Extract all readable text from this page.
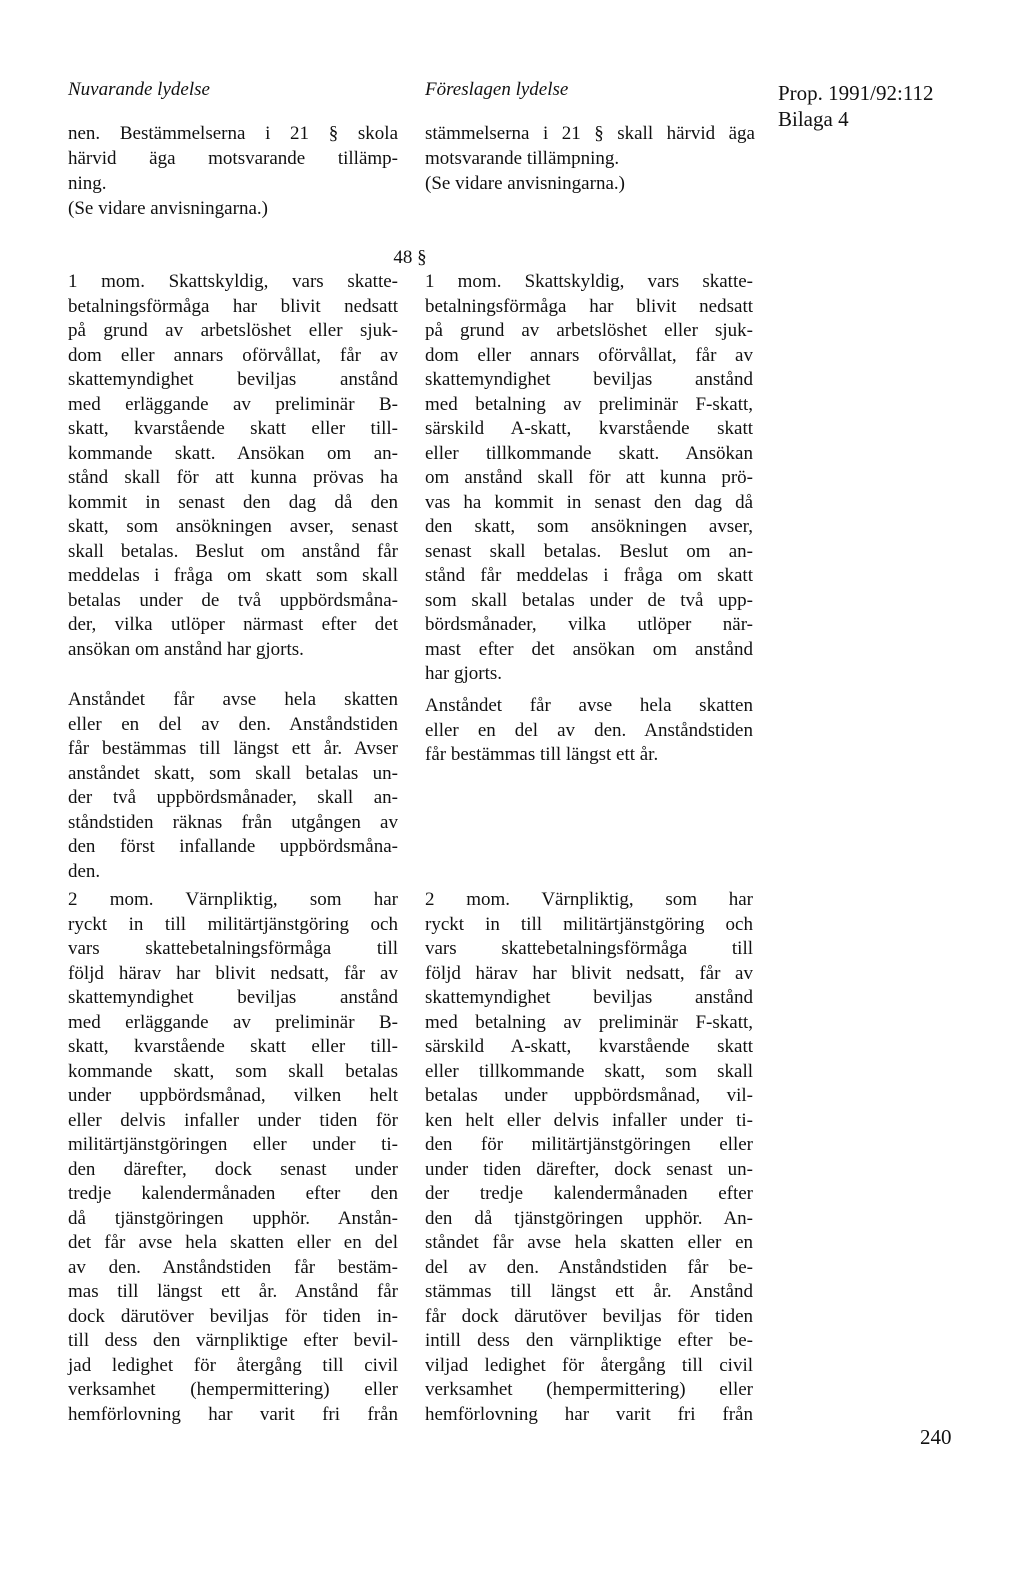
Nuvarande lydelse	Föreslagen lydelse	Prop. 1991/92:112
Bilaga 4
nen. Bestämmelserna i 21 § skola
härvid äga motsvarande tillämp-
ning.
(Se vidare anvisningarna.)
stämmelserna i 21 § skall härvid äga
motsvarande tillämpning.
(Se vidare anvisningarna.)
48 §
1 mom. Skattskyldig, vars skatte-
betalningsförmåga har blivit nedsatt
på grund av arbetslöshet eller sjuk-
dom eller annars oförvållat, får av
skattemyndighet beviljas anstånd
med erläggande av preliminär B-
skatt, kvarstående skatt eller till-
kommande skatt. Ansökan om an-
stånd skall för att kunna prövas ha
kommit in senast den dag då den
skatt, som ansökningen avser, senast
skall betalas. Beslut om anstånd får
meddelas i fråga om skatt som skall
betalas under de två uppbördsmåna-
der, vilka utlöper närmast efter det
ansökan om anstånd har gjorts.
Anståndet får avse hela skatten
eller en del av den. Anståndstiden
får bestämmas till längst ett år. Avser
anståndet skatt, som skall betalas un-
der två uppbördsmånader, skall an-
ståndstiden räknas från utgången av
den först infallande uppbördsmåna-
den.
2 mom. Värnpliktig, som har
ryckt in till militärtjänstgöring och
vars skattebetalningsförmåga till
följd härav har blivit nedsatt, får av
skattemyndighet beviljas anstånd
med erläggande av preliminär B-
skatt, kvarstående skatt eller till-
kommande skatt, som skall betalas
under uppbördsmånad, vilken helt
eller delvis infaller under tiden för
militärtjänstgöringen eller under ti-
den därefter, dock senast under
tredje kalendermånaden efter den
då tjänstgöringen upphör. Anstån-
det får avse hela skatten eller en del
av den. Anståndstiden får bestäm-
mas till längst ett år. Anstånd får
dock därutöver beviljas för tiden in-
till dess den värnpliktige efter bevil-
jad ledighet för återgång till civil
verksamhet (hempermittering) eller
hemförlovning har varit fri från
1 mom. Skattskyldig, vars skatte-
betalningsförmåga har blivit nedsatt
på grund av arbetslöshet eller sjuk-
dom eller annars oförvållat, får av
skattemyndighet beviljas anstånd
med betalning av preliminär F-skatt,
särskild A-skatt, kvarstående skatt
eller tillkommande skatt. Ansökan
om anstånd skall för att kunna prö-
vas ha kommit in senast den dag då
den skatt, som ansökningen avser,
senast skall betalas. Beslut om an-
stånd får meddelas i fråga om skatt
som skall betalas under de två upp-
bördsmånader, vilka utlöper när-
mast efter det ansökan om anstånd
har gjorts.
Anståndet får avse hela skatten
eller en del av den. Anståndstiden
får bestämmas till längst ett år.
2 mom. Värnpliktig, som har
ryckt in till militärtjänstgöring och
vars skattebetalningsförmåga till
följd härav har blivit nedsatt, får av
skattemyndighet beviljas anstånd
med betalning av preliminär F-skatt,
särskild A-skatt, kvarstående skatt
eller tillkommande skatt, som skall
betalas under uppbördsmånad, vil-
ken helt eller delvis infaller under ti-
den för militärtjänstgöringen eller
under tiden därefter, dock senast un-
der tredje kalendermånaden efter
den då tjänstgöringen upphör. An-
ståndet får avse hela skatten eller en
del av den. Anståndstiden får be-
stämmas till längst ett år. Anstånd
får dock därutöver beviljas för tiden
intill dess den värnpliktige efter be-
viljad ledighet för återgång till civil
verksamhet (hempermittering) eller
hemförlovning har varit fri från
240
